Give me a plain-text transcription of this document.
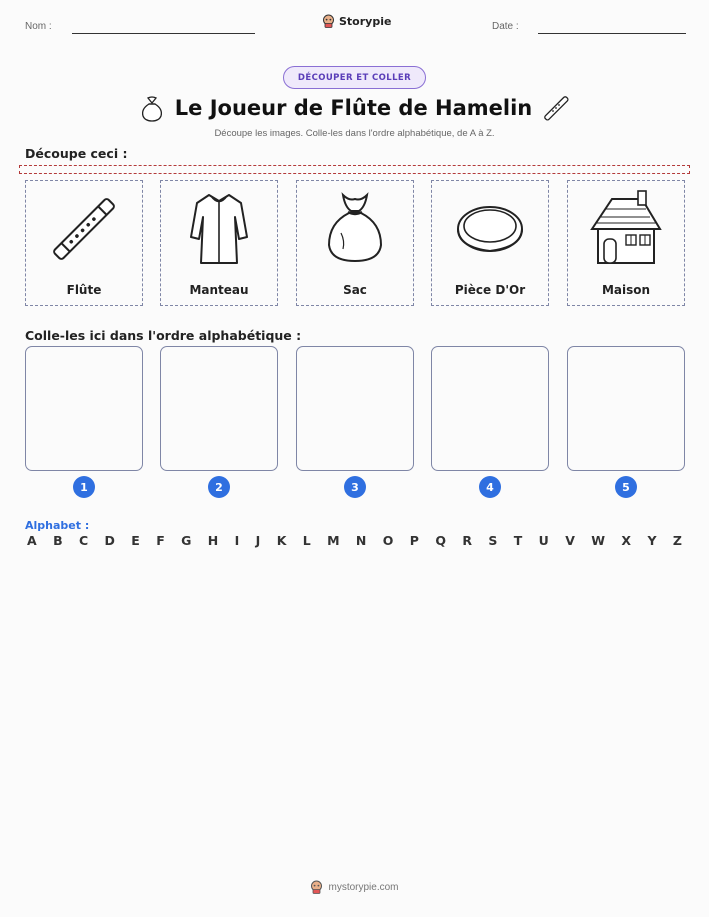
Nom :	Storypie	Date :
DÉCOUPER ET COLLER
Le Joueur de Flûte de Hamelin
Découpe les images. Colle-les dans l'ordre alphabétique, de A à Z.
Découpe ceci :
Flûte	Manteau	Sac	Pièce D'Or	Maison
Colle-les ici dans l'ordre alphabétique :
1	2	3	4	5
Alphabet :
A B C D E F G H I J K L M N O P Q R S T U V W X Y Z
mystorypie.com
